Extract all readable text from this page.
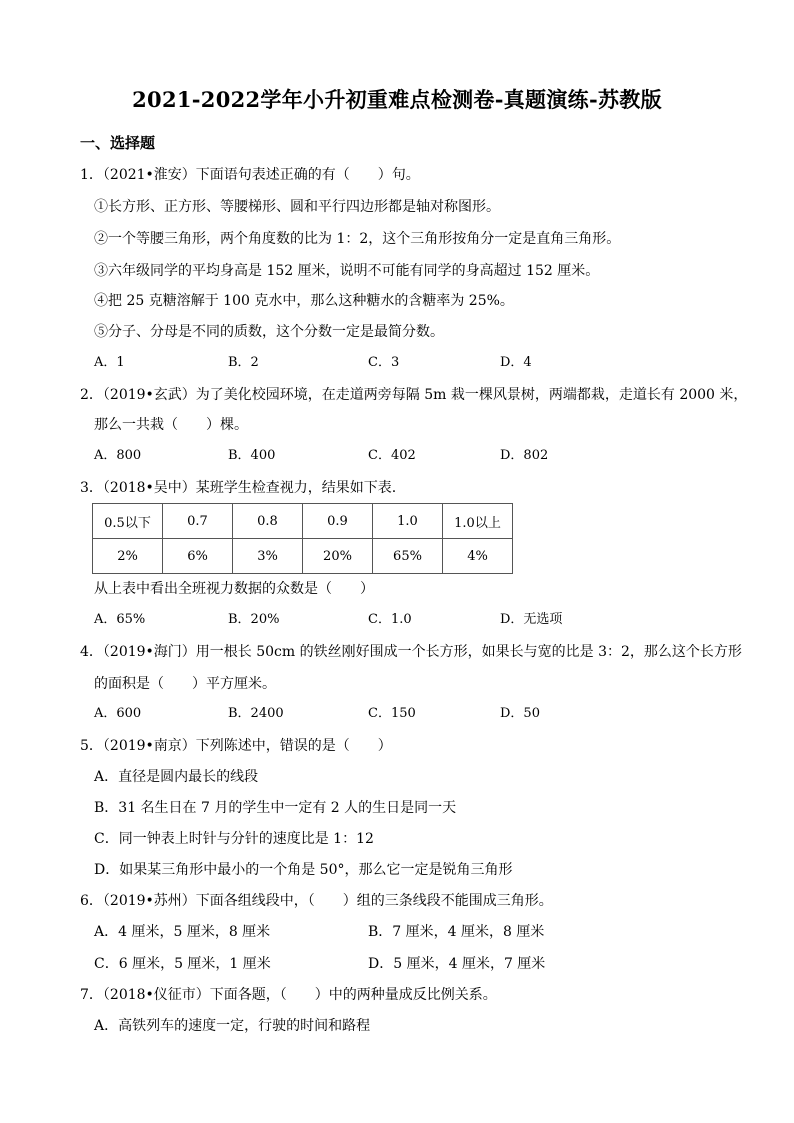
2021-2022学年小升初重难点检测卷-真题演练-苏教版
一、选择题
1．（2021•淮安）下面语句表述正确的有（　　）句。
①长方形、正方形、等腰梯形、圆和平行四边形都是轴对称图形。
②一个等腰三角形，两个角度数的比为 1：2，这个三角形按角分一定是直角三角形。
③六年级同学的平均身高是 152 厘米，说明不可能有同学的身高超过 152 厘米。
④把 25 克糖溶解于 100 克水中，那么这种糖水的含糖率为 25%。
⑤分子、分母是不同的质数，这个分数一定是最简分数。
A．1	B．2	C．3	D．4
2．（2019•玄武）为了美化校园环境，在走道两旁每隔 5m 栽一棵风景树，两端都栽，走道长有 2000 米，
那么一共栽（　　）棵。
A．800	B．400	C．402	D．802
3．（2018•吴中）某班学生检查视力，结果如下表.
0.5以下	0.7	0.8	0.9	1.0	1.0以上
2%	6%	3%	20%	65%	4%
从上表中看出全班视力数据的众数是（　　）
A．65%	B．20%	C．1.0	D．无选项
4．（2019•海门）用一根长 50cm 的铁丝刚好围成一个长方形，如果长与宽的比是 3：2，那么这个长方形
的面积是（　　）平方厘米。
A．600	B．2400	C．150	D．50
5．（2019•南京）下列陈述中，错误的是（　　）
A．直径是圆内最长的线段
B．31 名生日在 7 月的学生中一定有 2 人的生日是同一天
C．同一钟表上时针与分针的速度比是 1：12
D．如果某三角形中最小的一个角是 50°，那么它一定是锐角三角形
6．（2019•苏州）下面各组线段中，（　　）组的三条线段不能围成三角形。
A．4 厘米，5 厘米，8 厘米	B．7 厘米，4 厘米，8 厘米
C．6 厘米，5 厘米，1 厘米	D．5 厘米，4 厘米，7 厘米
7．（2018•仪征市）下面各题，（　　）中的两种量成反比例关系。
A．高铁列车的速度一定，行驶的时间和路程
